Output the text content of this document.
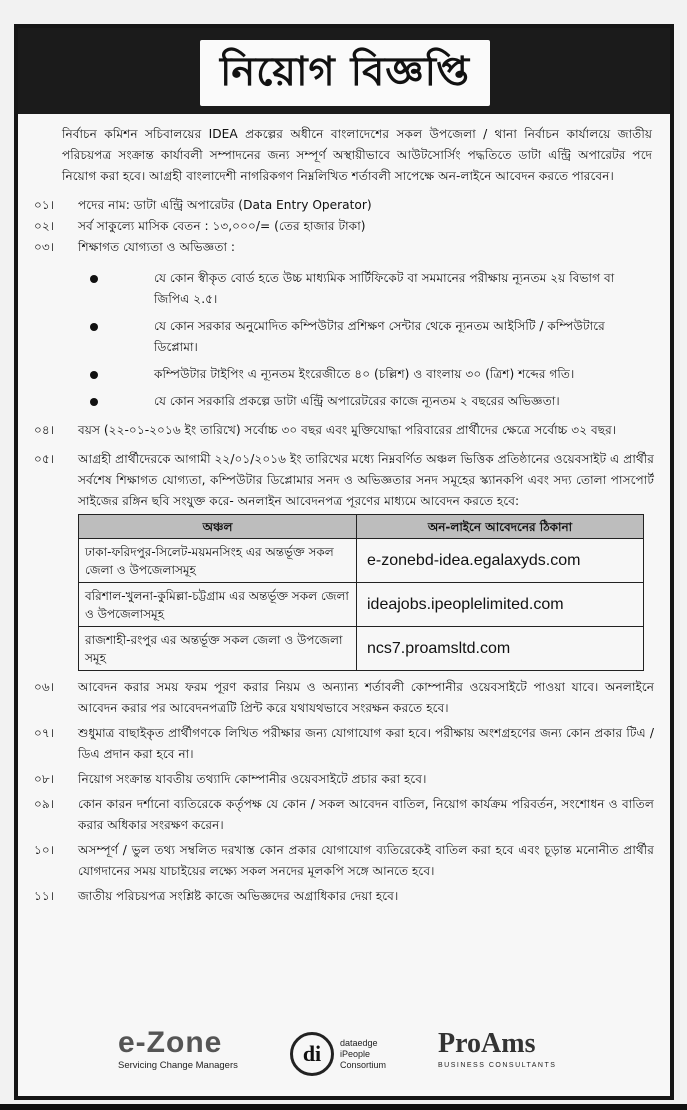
নিয়োগ বিজ্ঞপ্তি

নির্বাচন কমিশন সচিবালয়ের IDEA প্রকল্পের অধীনে বাংলাদেশের সকল উপজেলা / থানা নির্বাচন কার্যালয়ে জাতীয় পরিচয়পত্র সংক্রান্ত কার্যাবলী সম্পাদনের জন্য সম্পূর্ণ অস্থায়ীভাবে আউটসোর্সিং পদ্ধতিতে ডাটা এন্ট্রি অপারেটর পদে নিয়োগ করা হবে। আগ্রহী বাংলাদেশী নাগরিকগণ নিম্নলিখিত শর্তাবলী সাপেক্ষে অন-লাইনে আবেদন করতে পারবেন।

০১।	পদের নাম: ডাটা এন্ট্রি অপারেটর (Data Entry Operator)
০২।	সর্ব সাকুল্যে মাসিক বেতন : ১৩,০০০/= (তের হাজার টাকা)
০৩।	শিক্ষাগত যোগ্যতা ও অভিজ্ঞতা :
যে কোন স্বীকৃত বোর্ড হতে উচ্চ মাধ্যমিক সার্টিফিকেট বা সমমানের পরীক্ষায় ন্যূনতম ২য় বিভাগ বা জিপিএ ২.৫।
যে কোন সরকার অনুমোদিত কম্পিউটার প্রশিক্ষণ সেন্টার থেকে ন্যূনতম আইসিটি / কম্পিউটারে ডিপ্লোমা।
কম্পিউটার টাইপিং এ ন্যূনতম ইংরেজীতে ৪০ (চল্লিশ) ও বাংলায় ৩০ (ত্রিশ) শব্দের গতি।
যে কোন সরকারি প্রকল্পে ডাটা এন্ট্রি অপারেটরের কাজে ন্যূনতম ২ বছরের অভিজ্ঞতা।
০৪।	বয়স (২২-০১-২০১৬ ইং তারিখে) সর্বোচ্চ ৩০ বছর এবং মুক্তিযোদ্ধা পরিবারের প্রার্থীদের ক্ষেত্রে সর্বোচ্চ ৩২ বছর।
০৫।	আগ্রহী প্রার্থীদেরকে আগামী ২২/০১/২০১৬ ইং তারিখের মধ্যে নিম্নবর্ণিত অঞ্চল ভিত্তিক প্রতিষ্ঠানের ওয়েবসাইট এ প্রার্থীর সর্বশেষ শিক্ষাগত যোগ্যতা, কম্পিউটার ডিপ্লোমার সনদ ও অভিজ্ঞতার সনদ সমূহের স্ক্যানকপি এবং সদ্য তোলা পাসপোর্ট সাইজের রঙ্গিন ছবি সংযুক্ত করে- অনলাইন আবেদনপত্র পূরণের মাধ্যমে আবেদন করতে হবে:
অঞ্চল	অন-লাইনে আবেদনের ঠিকানা
ঢাকা-ফরিদপুর-সিলেট-ময়মনসিংহ এর অন্তর্ভূক্ত সকল জেলা ও উপজেলাসমূহ	e-zonebd-idea.egalaxyds.com
বরিশাল-খুলনা-কুমিল্লা-চট্টগ্রাম এর অন্তর্ভূক্ত সকল জেলা ও উপজেলাসমূহ	ideajobs.ipeoplelimited.com
রাজশাহী-রংপুর এর অন্তর্ভূক্ত সকল জেলা ও উপজেলা সমূহ	ncs7.proamsltd.com
০৬।	আবেদন করার সময় ফরম পূরণ করার নিয়ম ও অন্যান্য শর্তাবলী কোম্পানীর ওয়েবসাইটে পাওয়া যাবে। অনলাইনে আবেদন করার পর আবেদনপত্রটি প্রিন্ট করে যথাযথভাবে সংরক্ষন করতে হবে।
০৭।	শুধুমাত্র বাছাইকৃত প্রার্থীগণকে লিখিত পরীক্ষার জন্য যোগাযোগ করা হবে। পরীক্ষায় অংশগ্রহণের জন্য কোন প্রকার টিএ / ডিএ প্রদান করা হবে না।
০৮।	নিয়োগ সংক্রান্ত যাবতীয় তথ্যাদি কোম্পানীর ওয়েবসাইটে প্রচার করা হবে।
০৯।	কোন কারন দর্শানো ব্যতিরেকে কর্তৃপক্ষ যে কোন / সকল আবেদন বাতিল, নিয়োগ কার্যক্রম পরিবর্তন, সংশোধন ও বাতিল করার অধিকার সংরক্ষণ করেন।
১০।	অসম্পূর্ণ / ভুল তথ্য সম্বলিত দরখাস্ত কোন প্রকার যোগাযোগ ব্যতিরেকেই বাতিল করা হবে এবং চূড়ান্ত মনোনীত প্রার্থীর যোগদানের সময় যাচাইয়ের লক্ষ্যে সকল সনদের মূলকপি সঙ্গে আনতে হবে।
১১।	জাতীয় পরিচয়পত্র সংশ্লিষ্ট কাজে অভিজ্ঞদের অগ্রাধিকার দেয়া হবে।
e-Zone
Servicing Change Managers	di	dataedge
iPeople
Consortium
ProAms
BUSINESS CONSULTANTS
